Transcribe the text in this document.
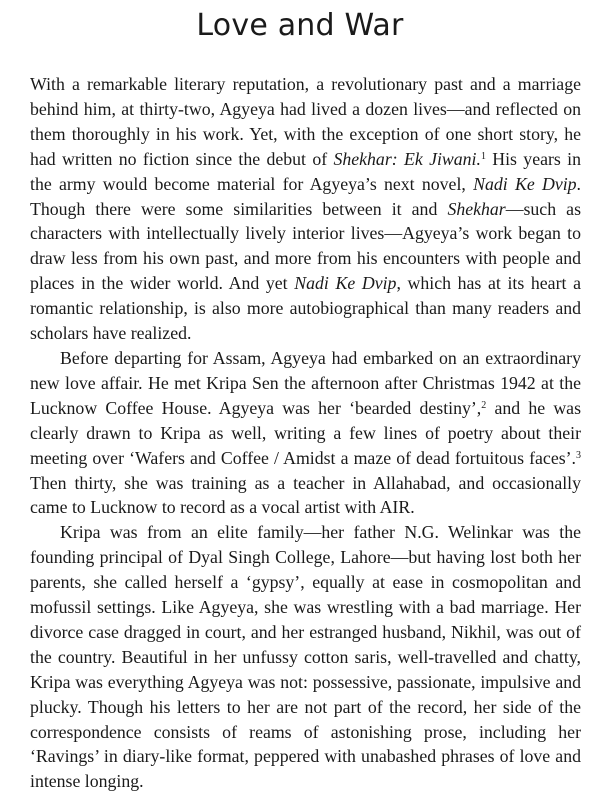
Love and War

With a remarkable literary reputation, a revolutionary past and a marriage behind him, at thirty-two, Agyeya had lived a dozen lives—and reflected on them thoroughly in his work. Yet, with the exception of one short story, he had written no fiction since the debut of Shekhar: Ek Jiwani.$^1$ His years in the army would become material for Agyeya’s next novel, Nadi Ke Dvip. Though there were some similarities between it and Shekhar—such as characters with intellectually lively interior lives—Agyeya’s work began to draw less from his own past, and more from his encounters with people and places in the wider world. And yet Nadi Ke Dvip, which has at its heart a romantic relationship, is also more autobiographical than many readers and scholars have realized.

Before departing for Assam, Agyeya had embarked on an extraordinary new love affair. He met Kripa Sen the afternoon after Christmas 1942 at the Lucknow Coffee House. Agyeya was her ‘bearded destiny’,$^2$ and he was clearly drawn to Kripa as well, writing a few lines of poetry about their meeting over ‘Wafers and Coffee / Amidst a maze of dead fortuitous faces’.$^3$ Then thirty, she was training as a teacher in Allahabad, and occasionally came to Lucknow to record as a vocal artist with AIR.

Kripa was from an elite family—her father N.G. Welinkar was the founding principal of Dyal Singh College, Lahore—but having lost both her parents, she called herself a ‘gypsy’, equally at ease in cosmopolitan and mofussil settings. Like Agyeya, she was wrestling with a bad marriage. Her divorce case dragged in court, and her estranged husband, Nikhil, was out of the country. Beautiful in her unfussy cotton saris, well-travelled and chatty, Kripa was everything Agyeya was not: possessive, passionate, impulsive and plucky. Though his letters to her are not part of the record, her side of the correspondence consists of reams of astonishing prose, including her ‘Ravings’ in diary-like format, peppered with unabashed phrases of love and intense longing.
